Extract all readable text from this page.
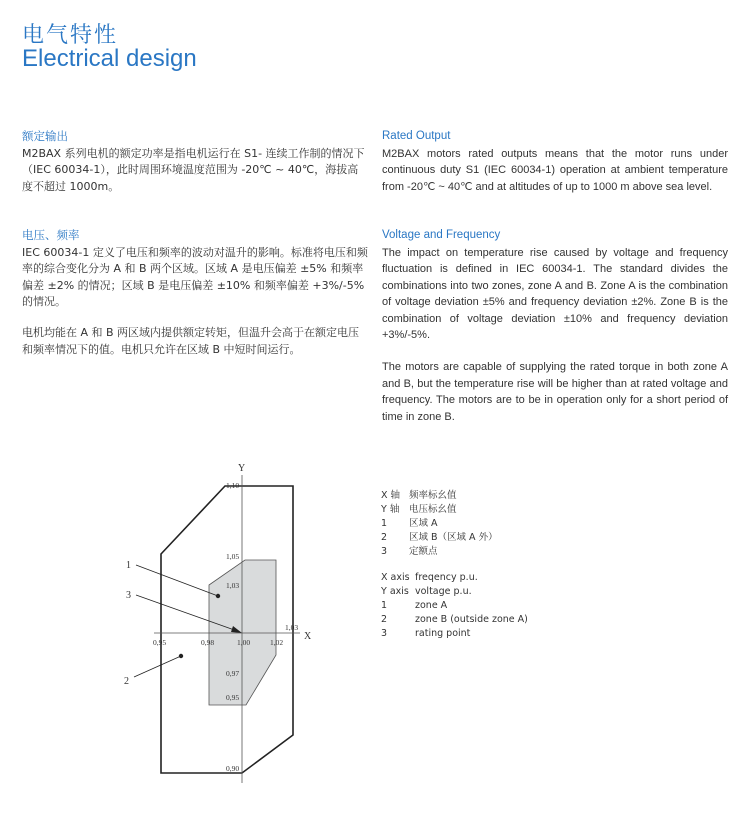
电气特性
Electrical design
额定输出

M2BAX 系列电机的额定功率是指电机运行在 S1- 连续工作制的情况下（IEC 60034-1），此时周围环境温度范围为 -20℃ ~ 40℃，海拔高度不超过 1000m。

电压、频率

IEC 60034-1 定义了电压和频率的波动对温升的影响。标准将电压和频率的综合变化分为 A 和 B 两个区域。区域 A 是电压偏差 ±5% 和频率偏差 ±2% 的情况；区域 B 是电压偏差 ±10% 和频率偏差 +3%/-5% 的情况。

电机均能在 A 和 B 两区域内提供额定转矩，但温升会高于在额定电压和频率情况下的值。电机只允许在区域 B 中短时间运行。

Rated Output

M2BAX motors rated outputs means that the motor runs under continuous duty S1 (IEC 60034-1) operation at ambient temperature from -20℃ ~ 40℃ and at altitudes of up to 1000 m above sea level.

Voltage and Frequency

The impact on temperature rise caused by voltage and frequency fluctuation is defined in IEC 60034-1. The standard divides the combinations into two zones, zone A and B. Zone A is the combination of voltage deviation ±5% and frequency deviation ±2%. Zone B is the combination of voltage deviation ±10% and frequency deviation +3%/-5%.

The motors are capable of supplying the rated torque in both zone A and B, but the temperature rise will be higher than at rated voltage and frequency. The motors are to be in operation only for a short period of time in zone B.

Y
X
0,95	0,98	1,00	1,02
1,03
1,10
1,05
1,03
0,97
0,95
0,90
1
3
2
X 轴 频率标幺值
Y 轴	电压标幺值
1	区域 A
2	区域 B（区域 A 外）
3	定额点
X axis freqency p.u.
Y axis voltage p.u.
1	zone A
2	zone B (outside zone A)
3	rating point
